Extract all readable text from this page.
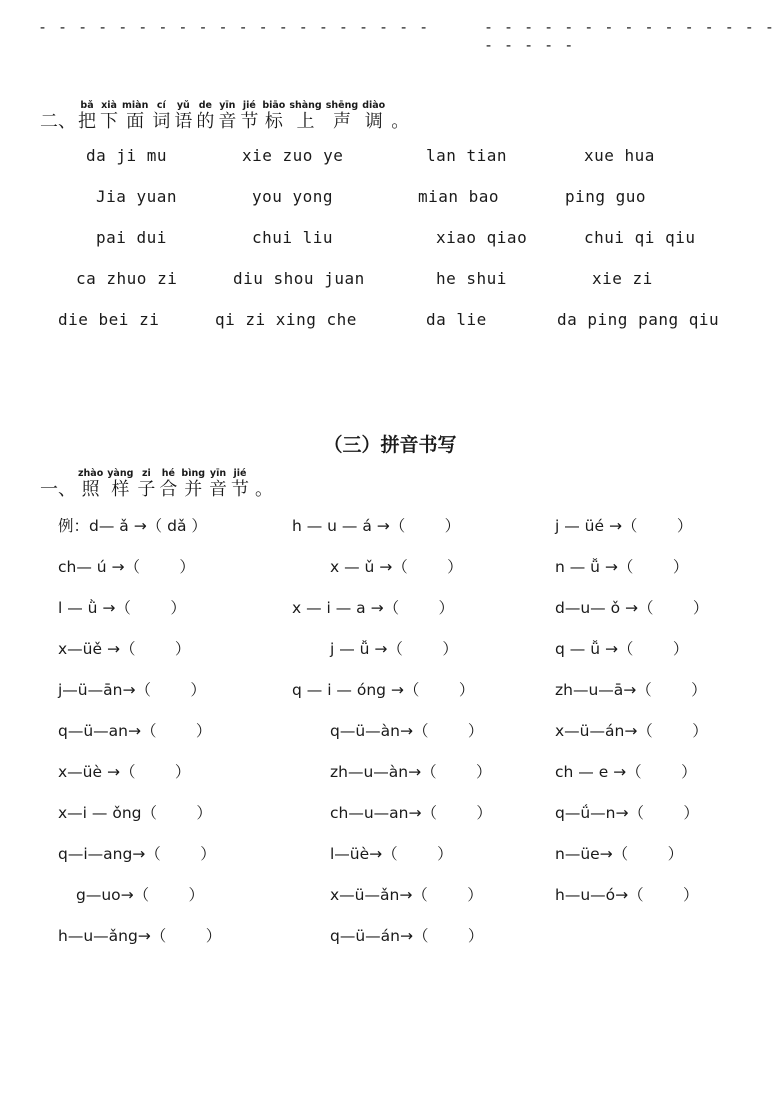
- - - - - - - - - - - - - - - - - - - -	- - - - - - - - - - - - - - - - - - - -
二、
bǎ
把
xià
下
miàn
面
cí
词
yǔ
语
de
的
yīn
音
jié
节
biāo
标
shàng
上
shēng
声
diào
调 。
da ji mu	xie zuo ye	lan tian	xue hua
Jia yuan	you yong	mian bao	ping guo
pai dui	chui liu	xiao qiao	chui qi qiu
ca zhuo zi	diu shou juan	he shui	xie zi
die bei zi	qi zi xing che	da lie	da ping pang qiu
（三）拼音书写
一、
zhào
照
yàng
样
zi
子
hé
合
bìng
并
yīn
音
jié
节 。
例：d— ǎ →（ dǎ ）	h — u — á →（        ）	j — üé →（        ）
ch— ú →（        ）	x — ǔ →（        ）	n — ǚ →（        ）
l — ǜ →（        ）	x — i — a →（        ）	d—u— ǒ →（        ）
x—üě →（        ）	j — ǚ →（        ）	q — ǚ →（        ）
j—ü—ān→（        ）	q — i — óng →（        ）	zh—u—ā→（        ）
q—ü—an→（        ）	q—ü—àn→（        ）	x—ü—án→（        ）
x—üè →（        ）	zh—u—àn→（        ）	ch — e →（        ）
x—i — ǒng（        ）	ch—u—an→（        ）	q—ǘ—n→（        ）
q—i—ang→（        ）	l—üè→（        ）	n—üe→（        ）
g—uo→（        ）	x—ü—ǎn→（        ）	h—u—ó→（        ）
h—u—ǎng→（        ）	q—ü—án→（        ）
